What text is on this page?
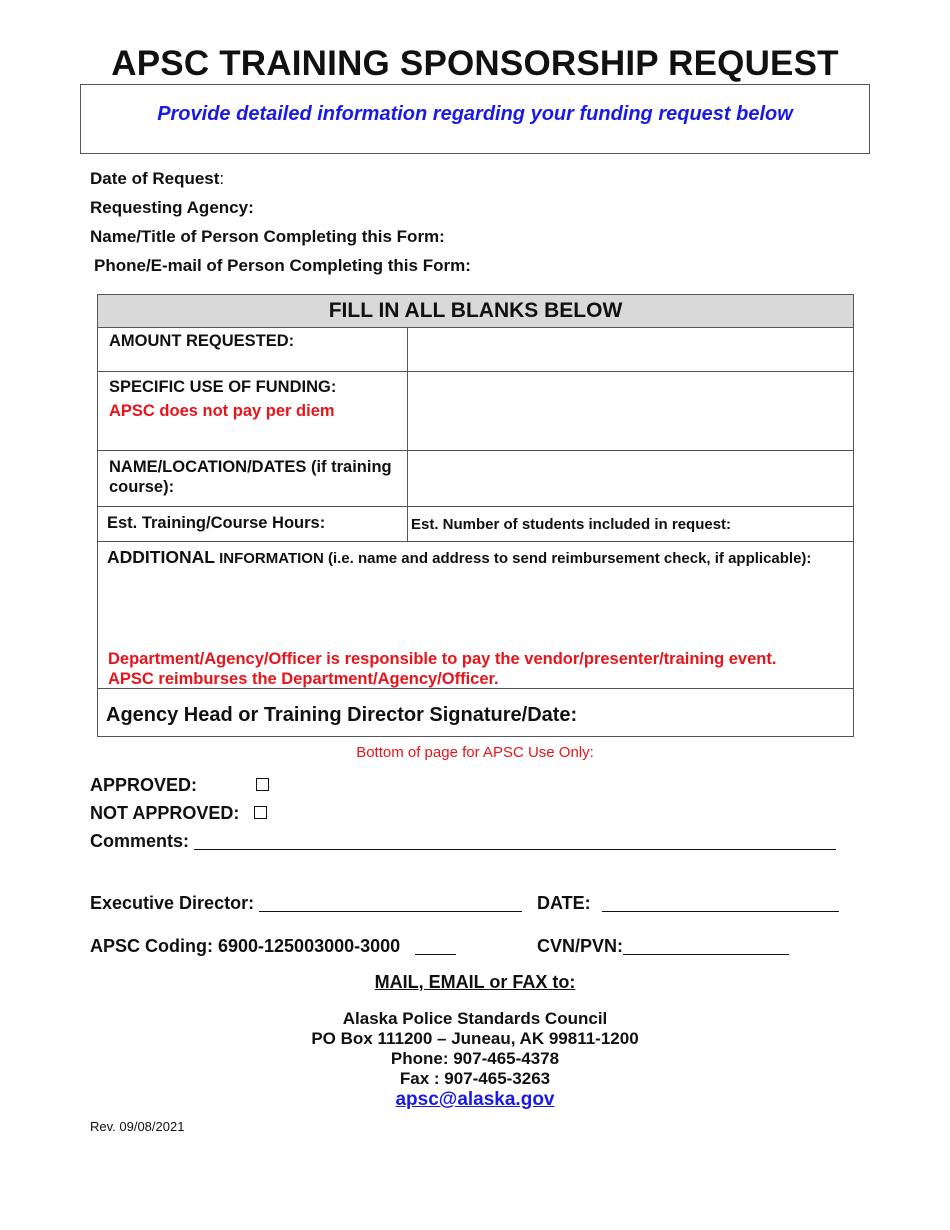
APSC TRAINING SPONSORSHIP REQUEST
Provide detailed information regarding your funding request below
Date of Request:
Requesting Agency:
Name/Title of Person Completing this Form:
Phone/E-mail of Person Completing this Form:
FILL IN ALL BLANKS BELOW
AMOUNT REQUESTED:
SPECIFIC USE OF FUNDING:
APSC does not pay per diem
NAME/LOCATION/DATES (if training course):
Est. Training/Course Hours:	Est. Number of students included in request:
ADDITIONAL INFORMATION (i.e. name and address to send reimbursement check, if applicable):
Department/Agency/Officer is responsible to pay the vendor/presenter/training event.
APSC reimburses the Department/Agency/Officer.
Agency Head or Training Director Signature/Date:
Bottom of page for APSC Use Only:
APPROVED:
NOT APPROVED:
Comments:
Executive Director:	DATE:
APSC Coding: 6900-125003000-3000	CVN/PVN:
MAIL, EMAIL or FAX to:
Alaska Police Standards Council
PO Box 111200 – Juneau, AK 99811-1200
Phone: 907-465-4378
Fax : 907-465-3263
apsc@alaska.gov
Rev. 09/08/2021
